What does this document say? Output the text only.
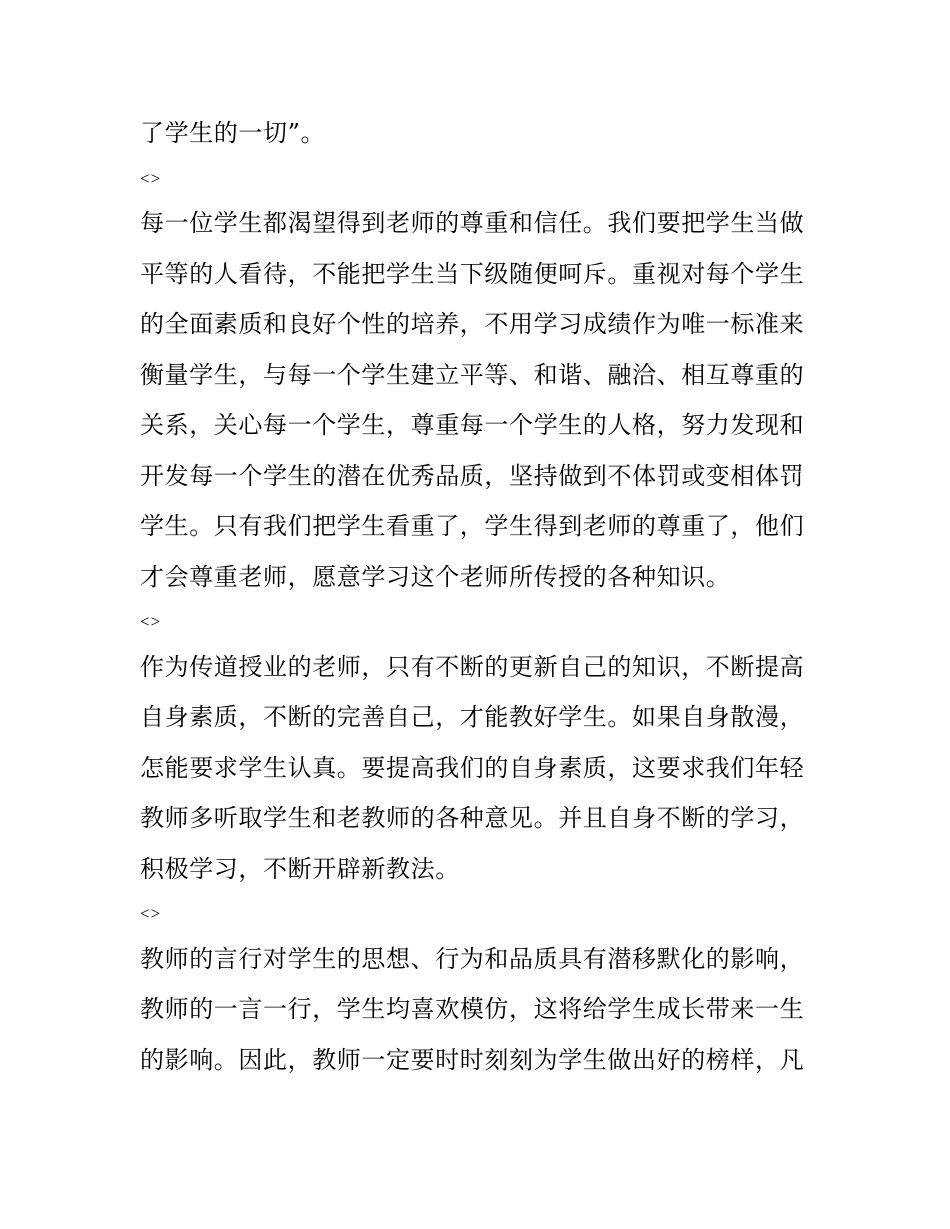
了学生的一切”。
<>
每一位学生都渴望得到老师的尊重和信任。我们要把学生当做
平等的人看待，不能把学生当下级随便呵斥。重视对每个学生
的全面素质和良好个性的培养，不用学习成绩作为唯一标准来
衡量学生，与每一个学生建立平等、和谐、融洽、相互尊重的
关系，关心每一个学生，尊重每一个学生的人格，努力发现和
开发每一个学生的潜在优秀品质，坚持做到不体罚或变相体罚
学生。只有我们把学生看重了，学生得到老师的尊重了，他们
才会尊重老师，愿意学习这个老师所传授的各种知识。
<>
作为传道授业的老师，只有不断的更新自己的知识，不断提高
自身素质，不断的完善自己，才能教好学生。如果自身散漫，
怎能要求学生认真。要提高我们的自身素质，这要求我们年轻
教师多听取学生和老教师的各种意见。并且自身不断的学习，
积极学习，不断开辟新教法。
<>
教师的言行对学生的思想、行为和品质具有潜移默化的影响，
教师的一言一行，学生均喜欢模仿，这将给学生成长带来一生
的影响。因此，教师一定要时时刻刻为学生做出好的榜样，凡
